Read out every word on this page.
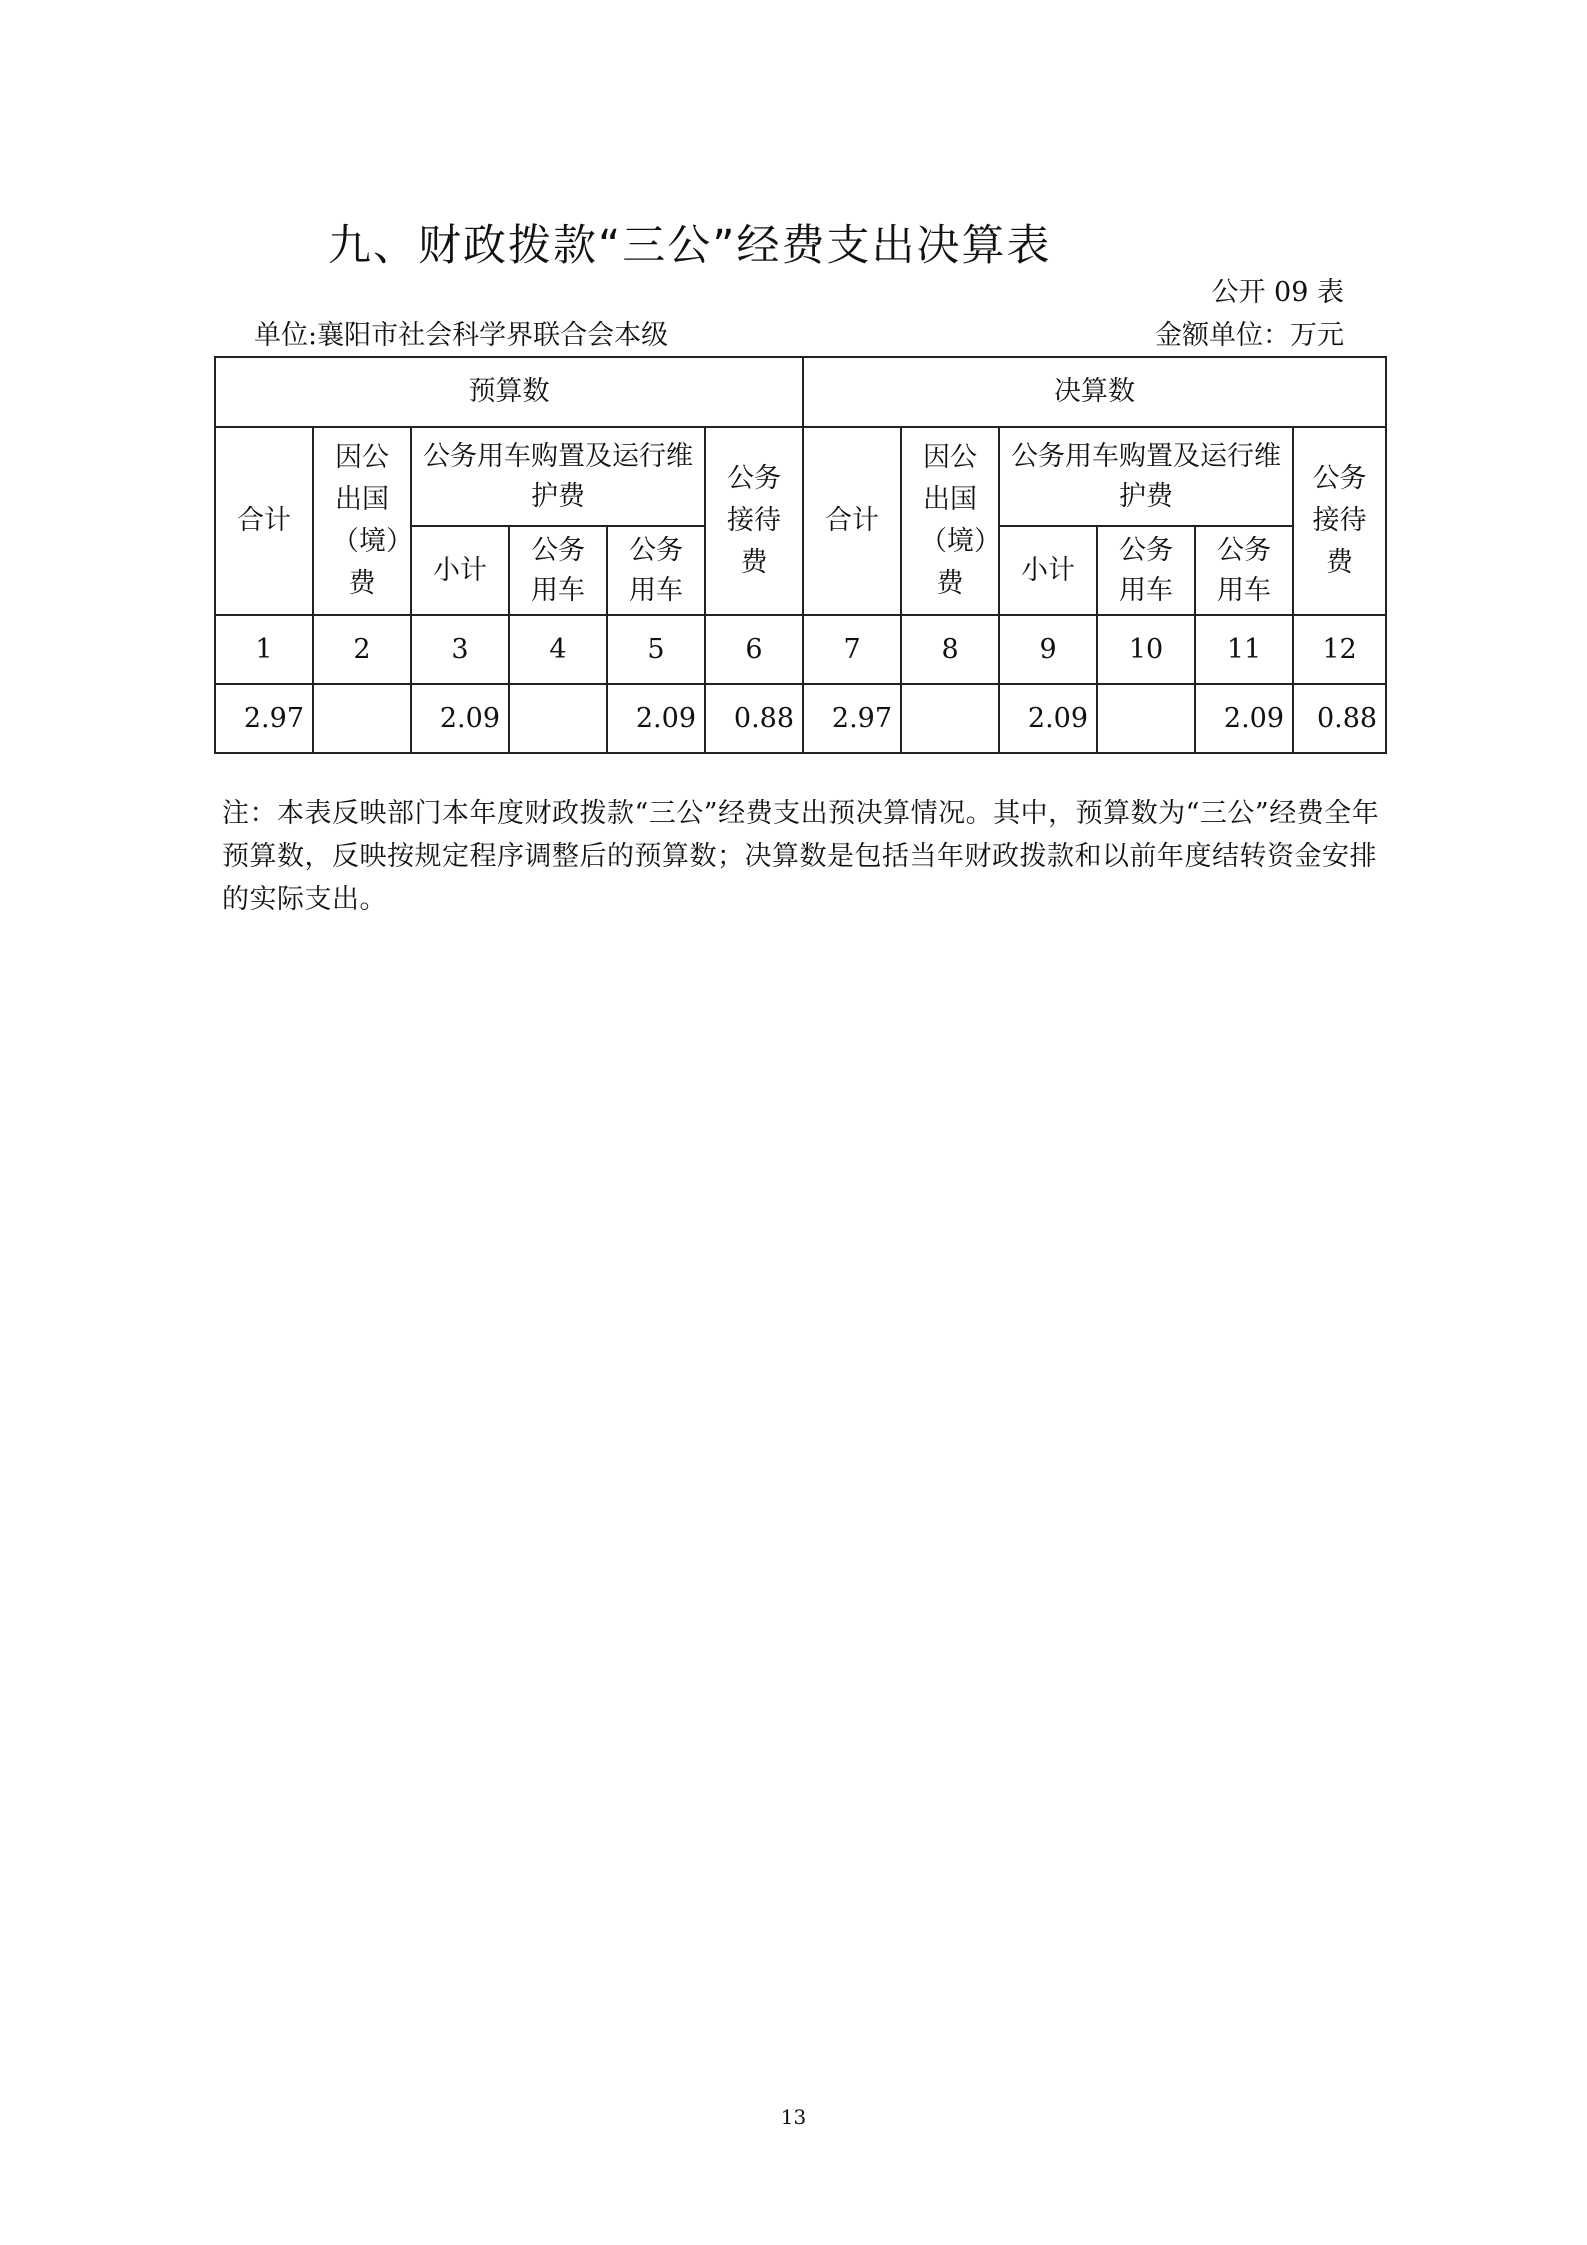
九、财政拨款“三公”经费支出决算表
公开 09 表
单位:襄阳市社会科学界联合会本级	金额单位：万元
预算数						决算数					
合计	因公出国（境）费	公务用车购置及运行维护费			公务接待费	合计	因公出国（境）费	公务用车购置及运行维护费			公务接待费
		小计	公务用车	公务用车				小计	公务用车	公务用车	
1	2	3	4	5	6	7	8	9	10	11	12
2.97		2.09		2.09	0.88	2.97		2.09		2.09	0.88
注：本表反映部门本年度财政拨款“三公”经费支出预决算情况。其中，预算数为“三公”经费全年预算数，反映按规定程序调整后的预算数；决算数是包括当年财政拨款和以前年度结转资金安排的实际支出。
13
